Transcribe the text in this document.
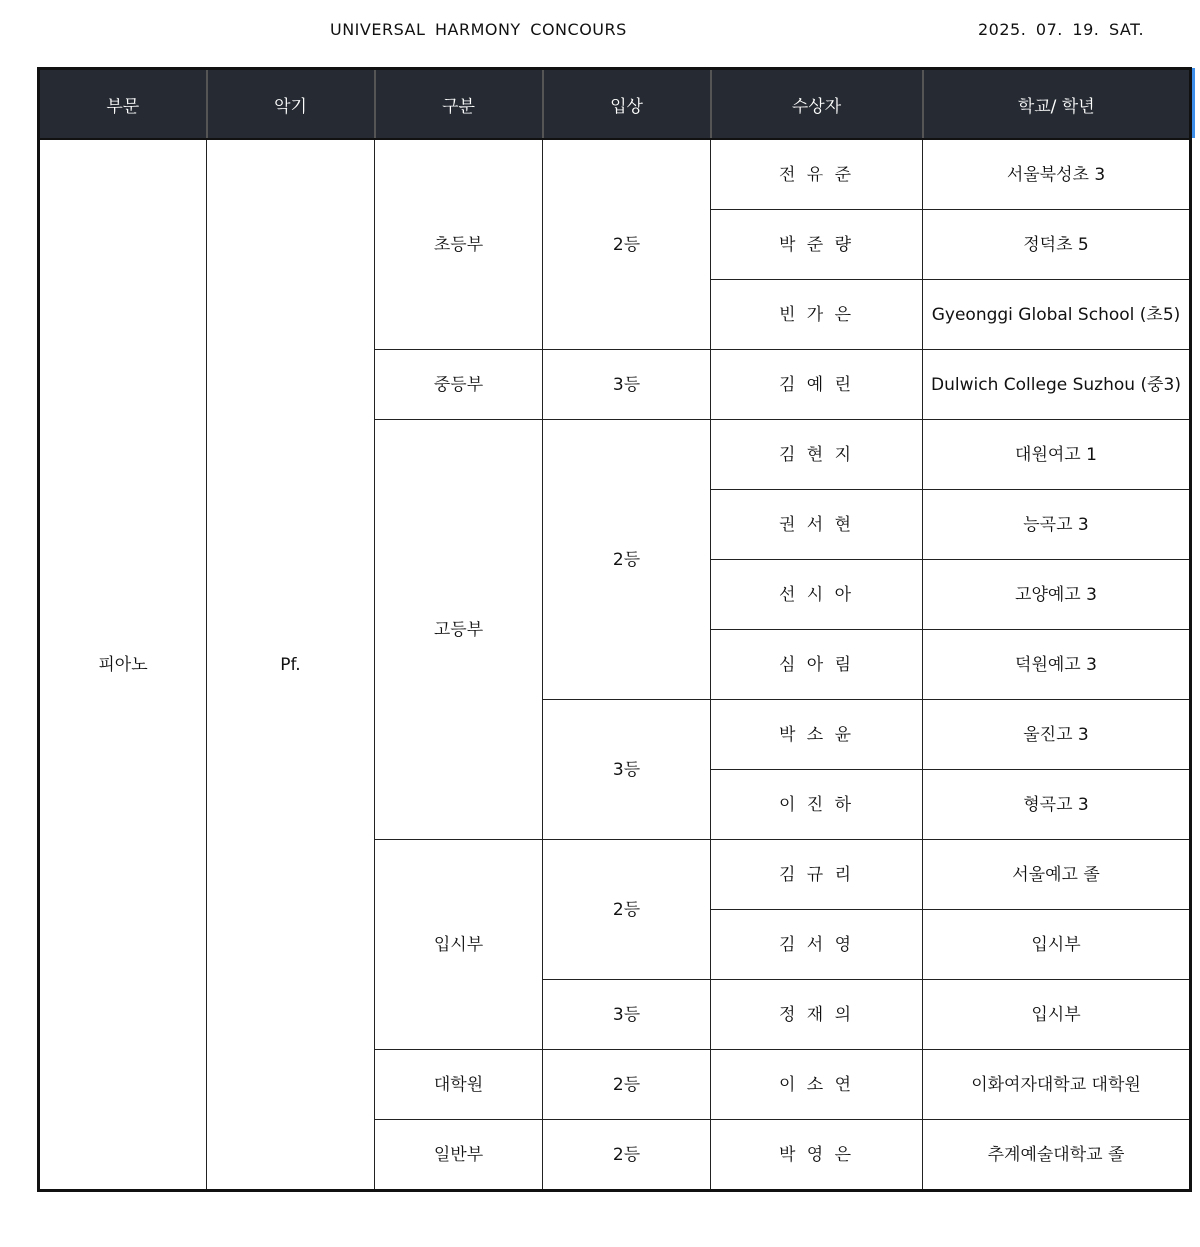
UNIVERSAL HARMONY CONCOURS	2025. 07. 19. SAT.
부문	악기	구분	입상	수상자	학교/ 학년
피아노	Pf.	초등부	2등	전 유 준	서울북성초 3
				박 준 량	정덕초 5
				빈 가 은	Gyeonggi Global School (초5)
		중등부	3등	김 예 린	Dulwich College Suzhou (중3)
		고등부	2등	김 현 지	대원여고 1
				권 서 현	능곡고 3
				선 시 아	고양예고 3
				심 아 림	덕원예고 3
			3등	박 소 윤	울진고 3
				이 진 하	형곡고 3
		입시부	2등	김 규 리	서울예고 졸
				김 서 영	입시부
			3등	정 재 의	입시부
		대학원	2등	이 소 연	이화여자대학교 대학원
		일반부	2등	박 영 은	추계예술대학교 졸
